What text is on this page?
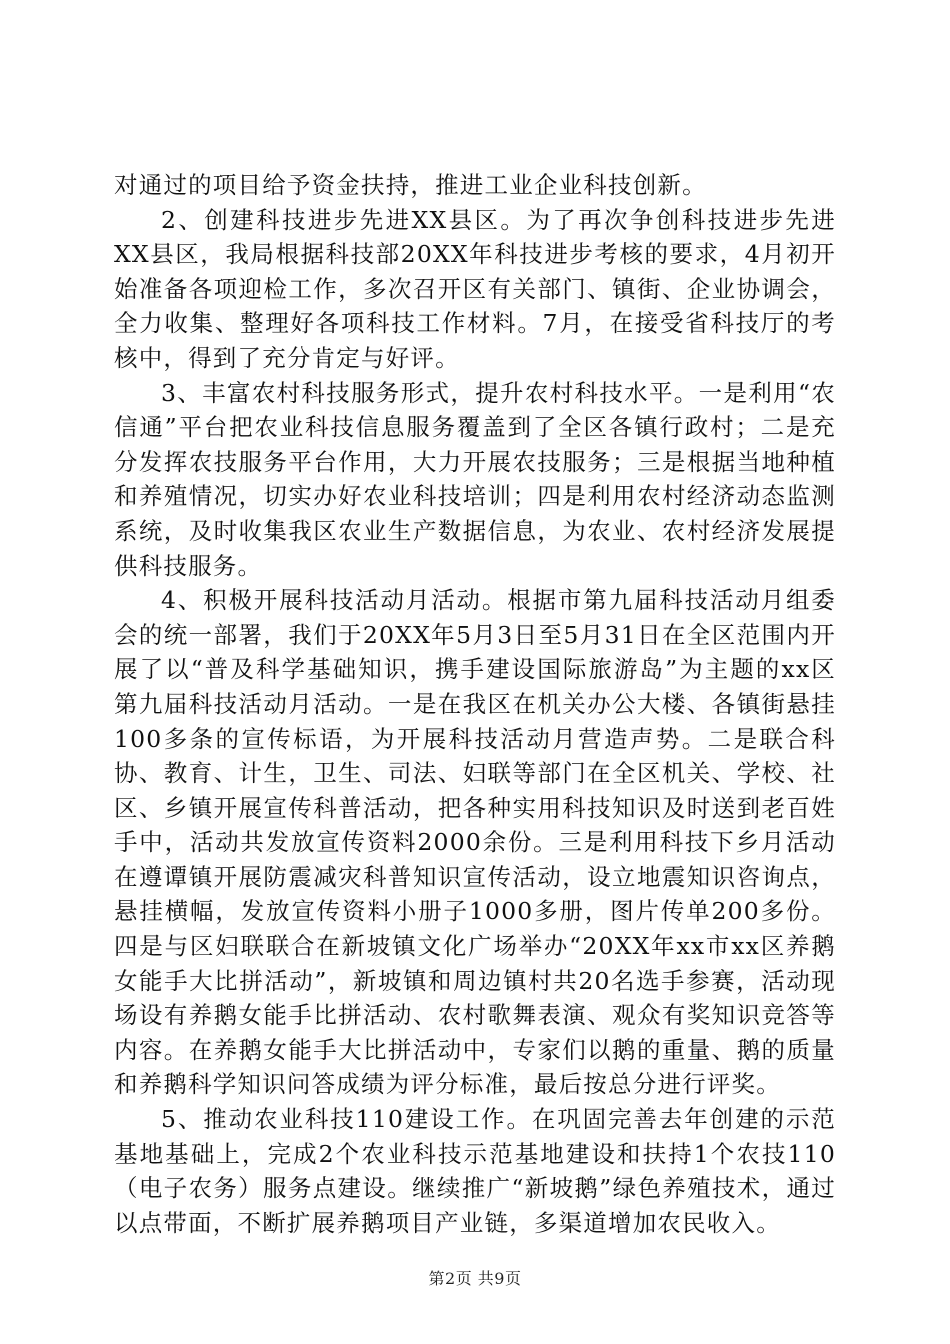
对通过的项目给予资金扶持，推进工业企业科技创新。

2、创建科技进步先进XX县区。为了再次争创科技进步先进XX县区，我局根据科技部20XX年科技进步考核的要求，4月初开始准备各项迎检工作，多次召开区有关部门、镇街、企业协调会，全力收集、整理好各项科技工作材料。7月，在接受省科技厅的考核中，得到了充分肯定与好评。

3、丰富农村科技服务形式，提升农村科技水平。一是利用“农信通”平台把农业科技信息服务覆盖到了全区各镇行政村；二是充分发挥农技服务平台作用，大力开展农技服务；三是根据当地种植和养殖情况，切实办好农业科技培训；四是利用农村经济动态监测系统，及时收集我区农业生产数据信息，为农业、农村经济发展提供科技服务。

4、积极开展科技活动月活动。根据市第九届科技活动月组委会的统一部署，我们于20XX年5月3日至5月31日在全区范围内开展了以“普及科学基础知识，携手建设国际旅游岛”为主题的xx区第九届科技活动月活动。一是在我区在机关办公大楼、各镇街悬挂100多条的宣传标语，为开展科技活动月营造声势。二是联合科协、教育、计生，卫生、司法、妇联等部门在全区机关、学校、社区、乡镇开展宣传科普活动，把各种实用科技知识及时送到老百姓手中，活动共发放宣传资料2000余份。三是利用科技下乡月活动在遵谭镇开展防震减灾科普知识宣传活动，设立地震知识咨询点，悬挂横幅，发放宣传资料小册子1000多册，图片传单200多份。四是与区妇联联合在新坡镇文化广场举办“20XX年xx市xx区养鹅女能手大比拼活动”，新坡镇和周边镇村共20名选手参赛，活动现场设有养鹅女能手比拼活动、农村歌舞表演、观众有奖知识竞答等内容。在养鹅女能手大比拼活动中，专家们以鹅的重量、鹅的质量和养鹅科学知识问答成绩为评分标准，最后按总分进行评奖。

5、推动农业科技110建设工作。在巩固完善去年创建的示范基地基础上，完成2个农业科技示范基地建设和扶持1个农技110（电子农务）服务点建设。继续推广“新坡鹅”绿色养殖技术，通过以点带面，不断扩展养鹅项目产业链，多渠道增加农民收入。

第2页 共9页
